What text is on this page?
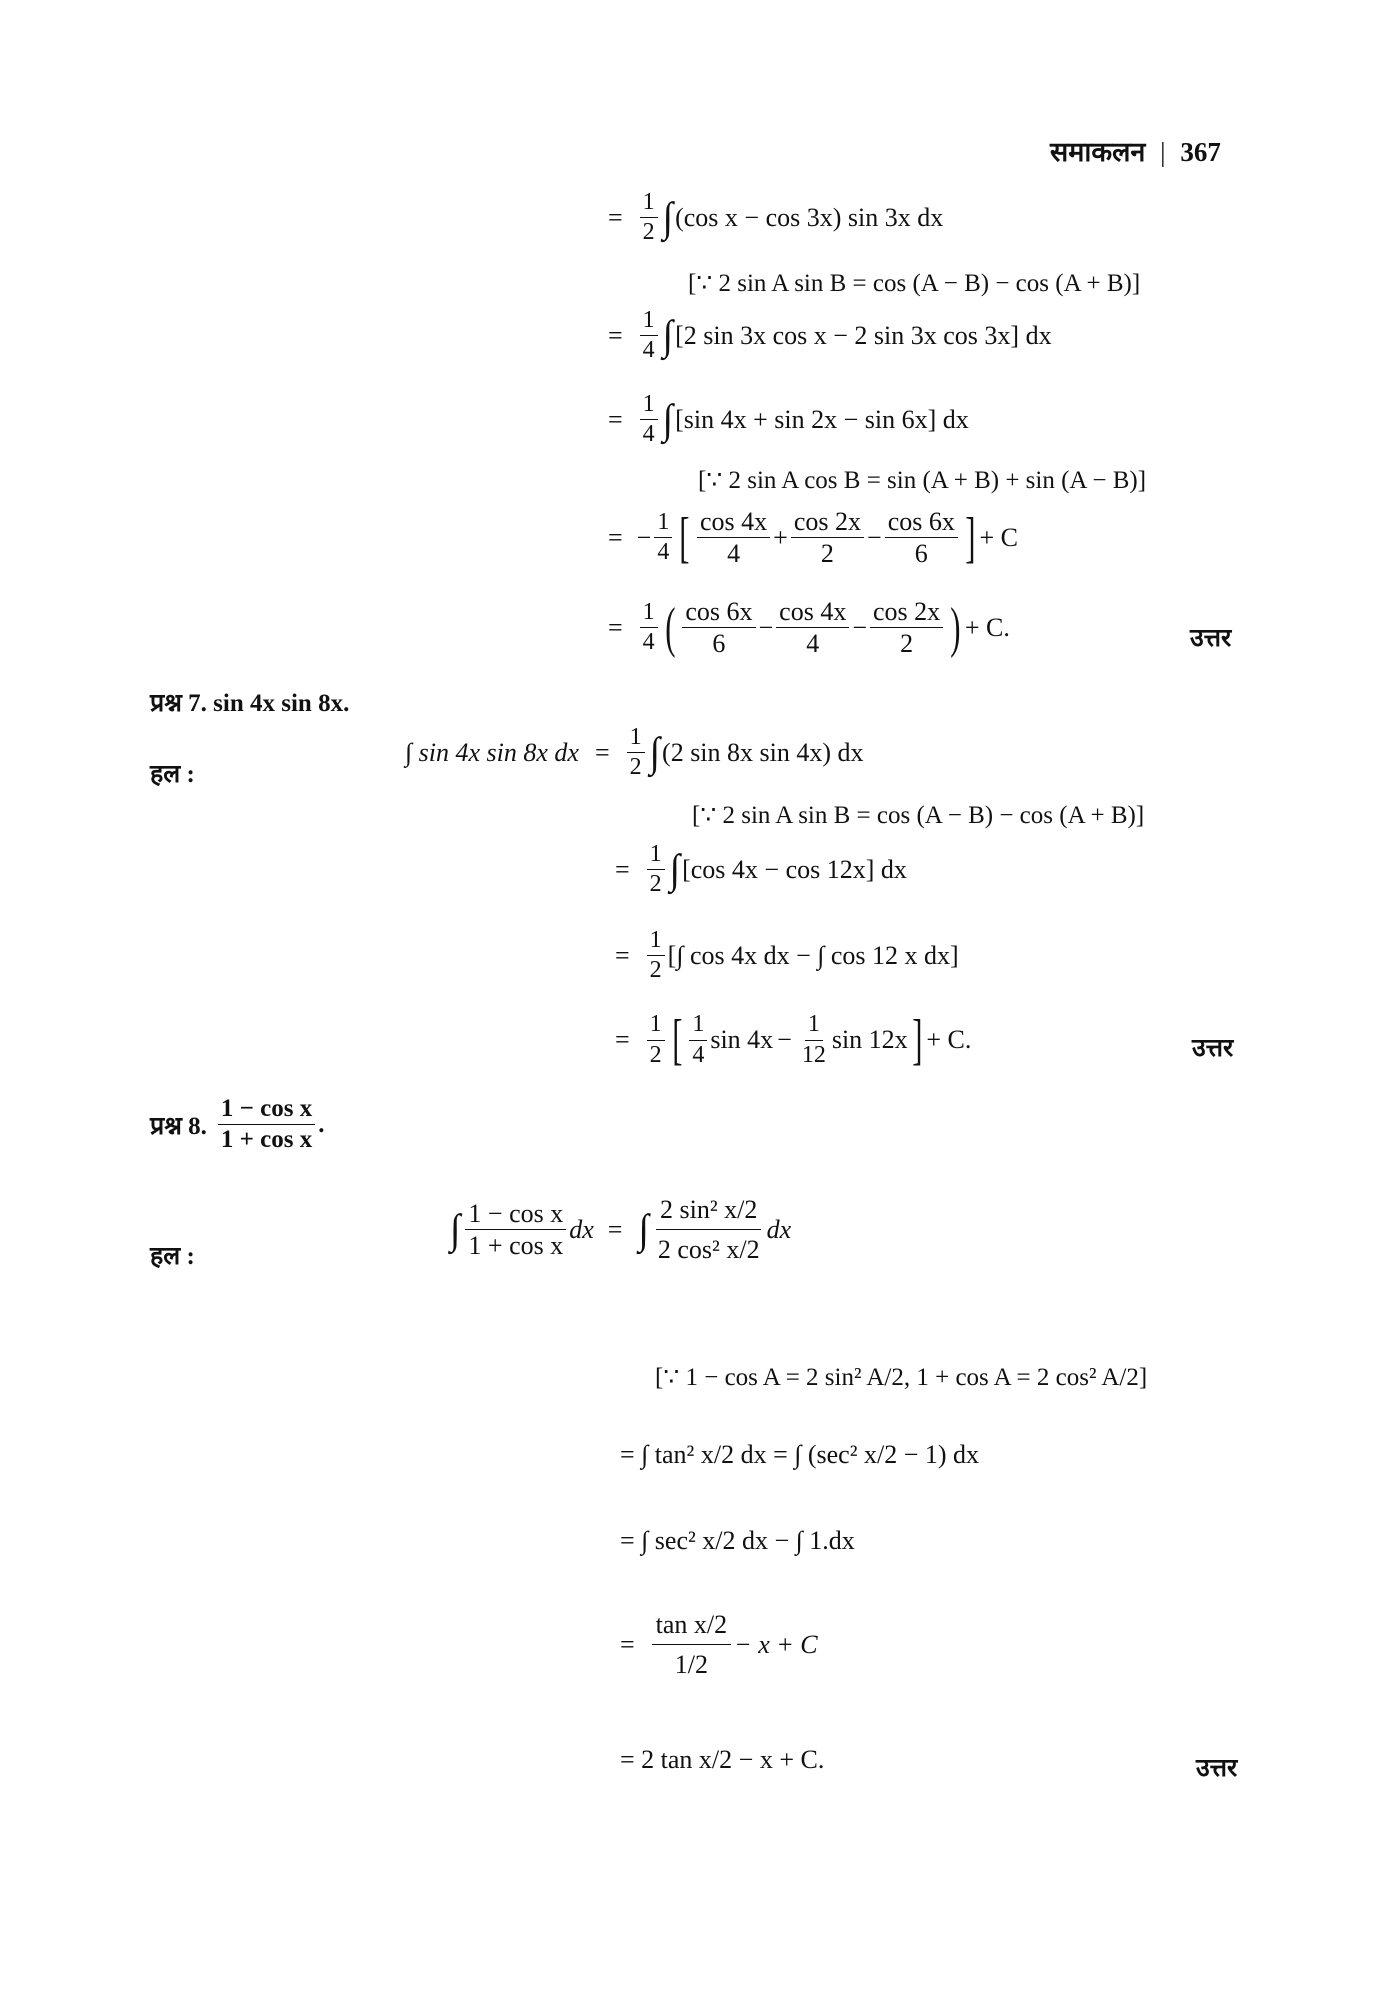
समाकलन | 367
= $\frac{1}{2}$ ∫ (cos x − cos 3x) sin 3x dx
[∵ 2 sin A sin B = cos (A − B) − cos (A + B)]
= $\frac{1}{4}$ ∫ [2 sin 3x cos x − 2 sin 3x cos 3x] dx
= $\frac{1}{4}$ ∫ [sin 4x + sin 2x − sin 6x] dx
[∵ 2 sin A cos B = sin (A + B) + sin (A − B)]
= − $\frac{1}{4}$ [ $\frac{\cos 4x}{4} + \frac{\cos 2x}{2} - \frac{\cos 6x}{6}$ ] + C
= $\frac{1}{4}$ ( $\frac{\cos 6x}{6} - \frac{\cos 4x}{4} - \frac{\cos 2x}{2}$ ) + C.	उत्तर
प्रश्न 7. sin 4x sin 8x.
हल :
∫ sin 4x sin 8x dx = $\frac{1}{2}$ ∫ (2 sin 8x sin 4x) dx
[∵ 2 sin A sin B = cos (A − B) − cos (A + B)]
= $\frac{1}{2}$ ∫ [cos 4x − cos 12x] dx
= $\frac{1}{2}$ [∫ cos 4x dx − ∫ cos 12 x dx]
= $\frac{1}{2}$ [ $\frac{1}{4}$ $\sin 4x - \frac{1}{12}$ sin 12x ] + C.	उत्तर
प्रश्न 8. $\frac{\text{1 − cos x}}{\text{1 + cos x}}$ .
हल :
∫ $\frac{\text{1 − cos x}}{\text{1 + cos x}}$ dx = ∫ $\frac{\text{2 sin² x/2}}{\text{2 cos² x/2}}$ dx
[∵ 1 − cos A = 2 sin² A/2, 1 + cos A = 2 cos² A/2]
= ∫ tan² x/2 dx = ∫ (sec² x/2 − 1) dx
= ∫ sec² x/2 dx − ∫ 1.dx
= $\frac{\text{tan x/2}}{1/2} - x + C$
= 2 tan x/2 − x + C.	उत्तर
